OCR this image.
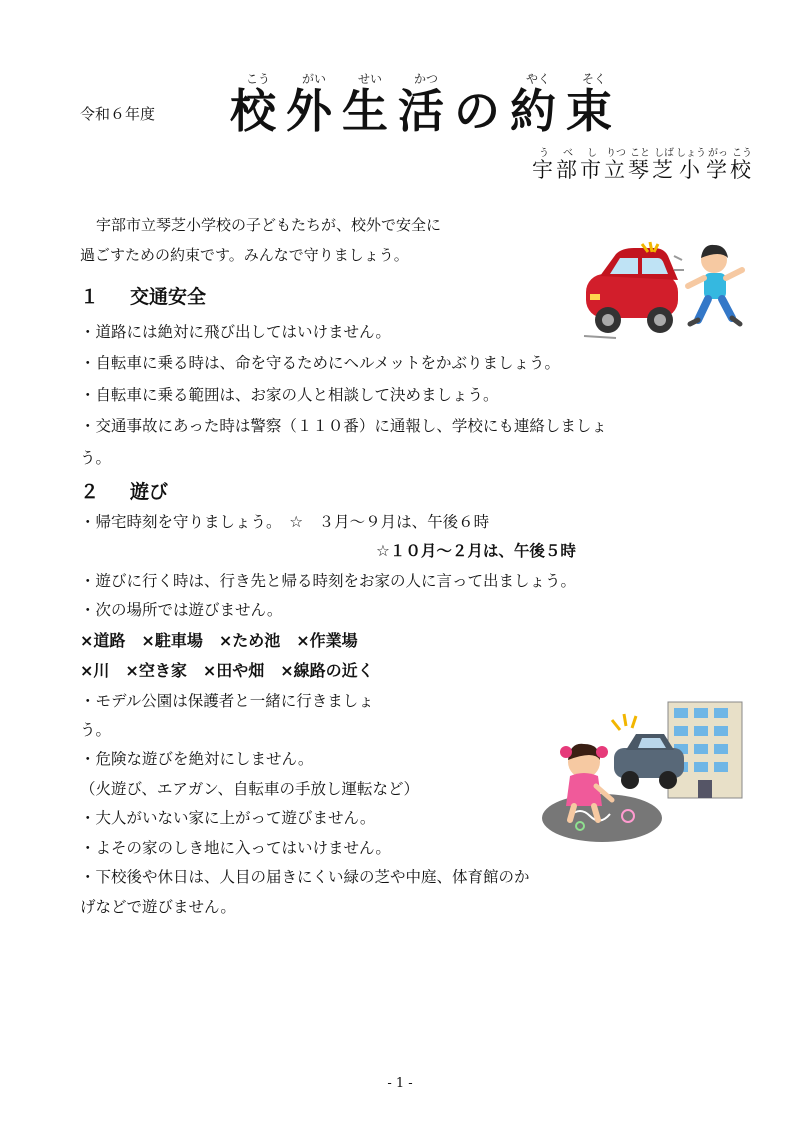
令和６年度 校こう外がい生せい活かつの 約やく束そく
宇う部べ市し立りつ琴こと芝しば小しょう学がっ校こう
宇部市立琴芝小学校の子どもたちが、校外で安全に
過ごすための約束です。みんなで守りましょう。
１ 交通安全
・道路には絶対に飛び出してはいけません。
・自転車に乗る時は、命を守るためにヘルメットをかぶりましょう。
・自転車に乗る範囲は、お家の人と相談して決めましょう。
・交通事故にあった時は警察（１１０番）に通報し、学校にも連絡しましょ
う。
２ 遊び
・帰宅時刻を守りましょう。　☆　３月～９月は、午後６時
☆１０月～２月は、午後５時
・遊びに行く時は、行き先と帰る時刻をお家の人に言って出ましょう。
・次の場所では遊びません。
×道路　×駐車場　×ため池　×作業場
×川　×空き家　×田や畑　×線路の近く
・モデル公園は保護者と一緒に行きましょ
う。
・危険な遊びを絶対にしません。
（火遊び、エアガン、自転車の手放し運転など）
・大人がいない家に上がって遊びません。
・よその家のしき地に入ってはいけません。
・下校後や休日は、人目の届きにくい緑の芝や中庭、体育館のか
げなどで遊びません。
- 1 -
